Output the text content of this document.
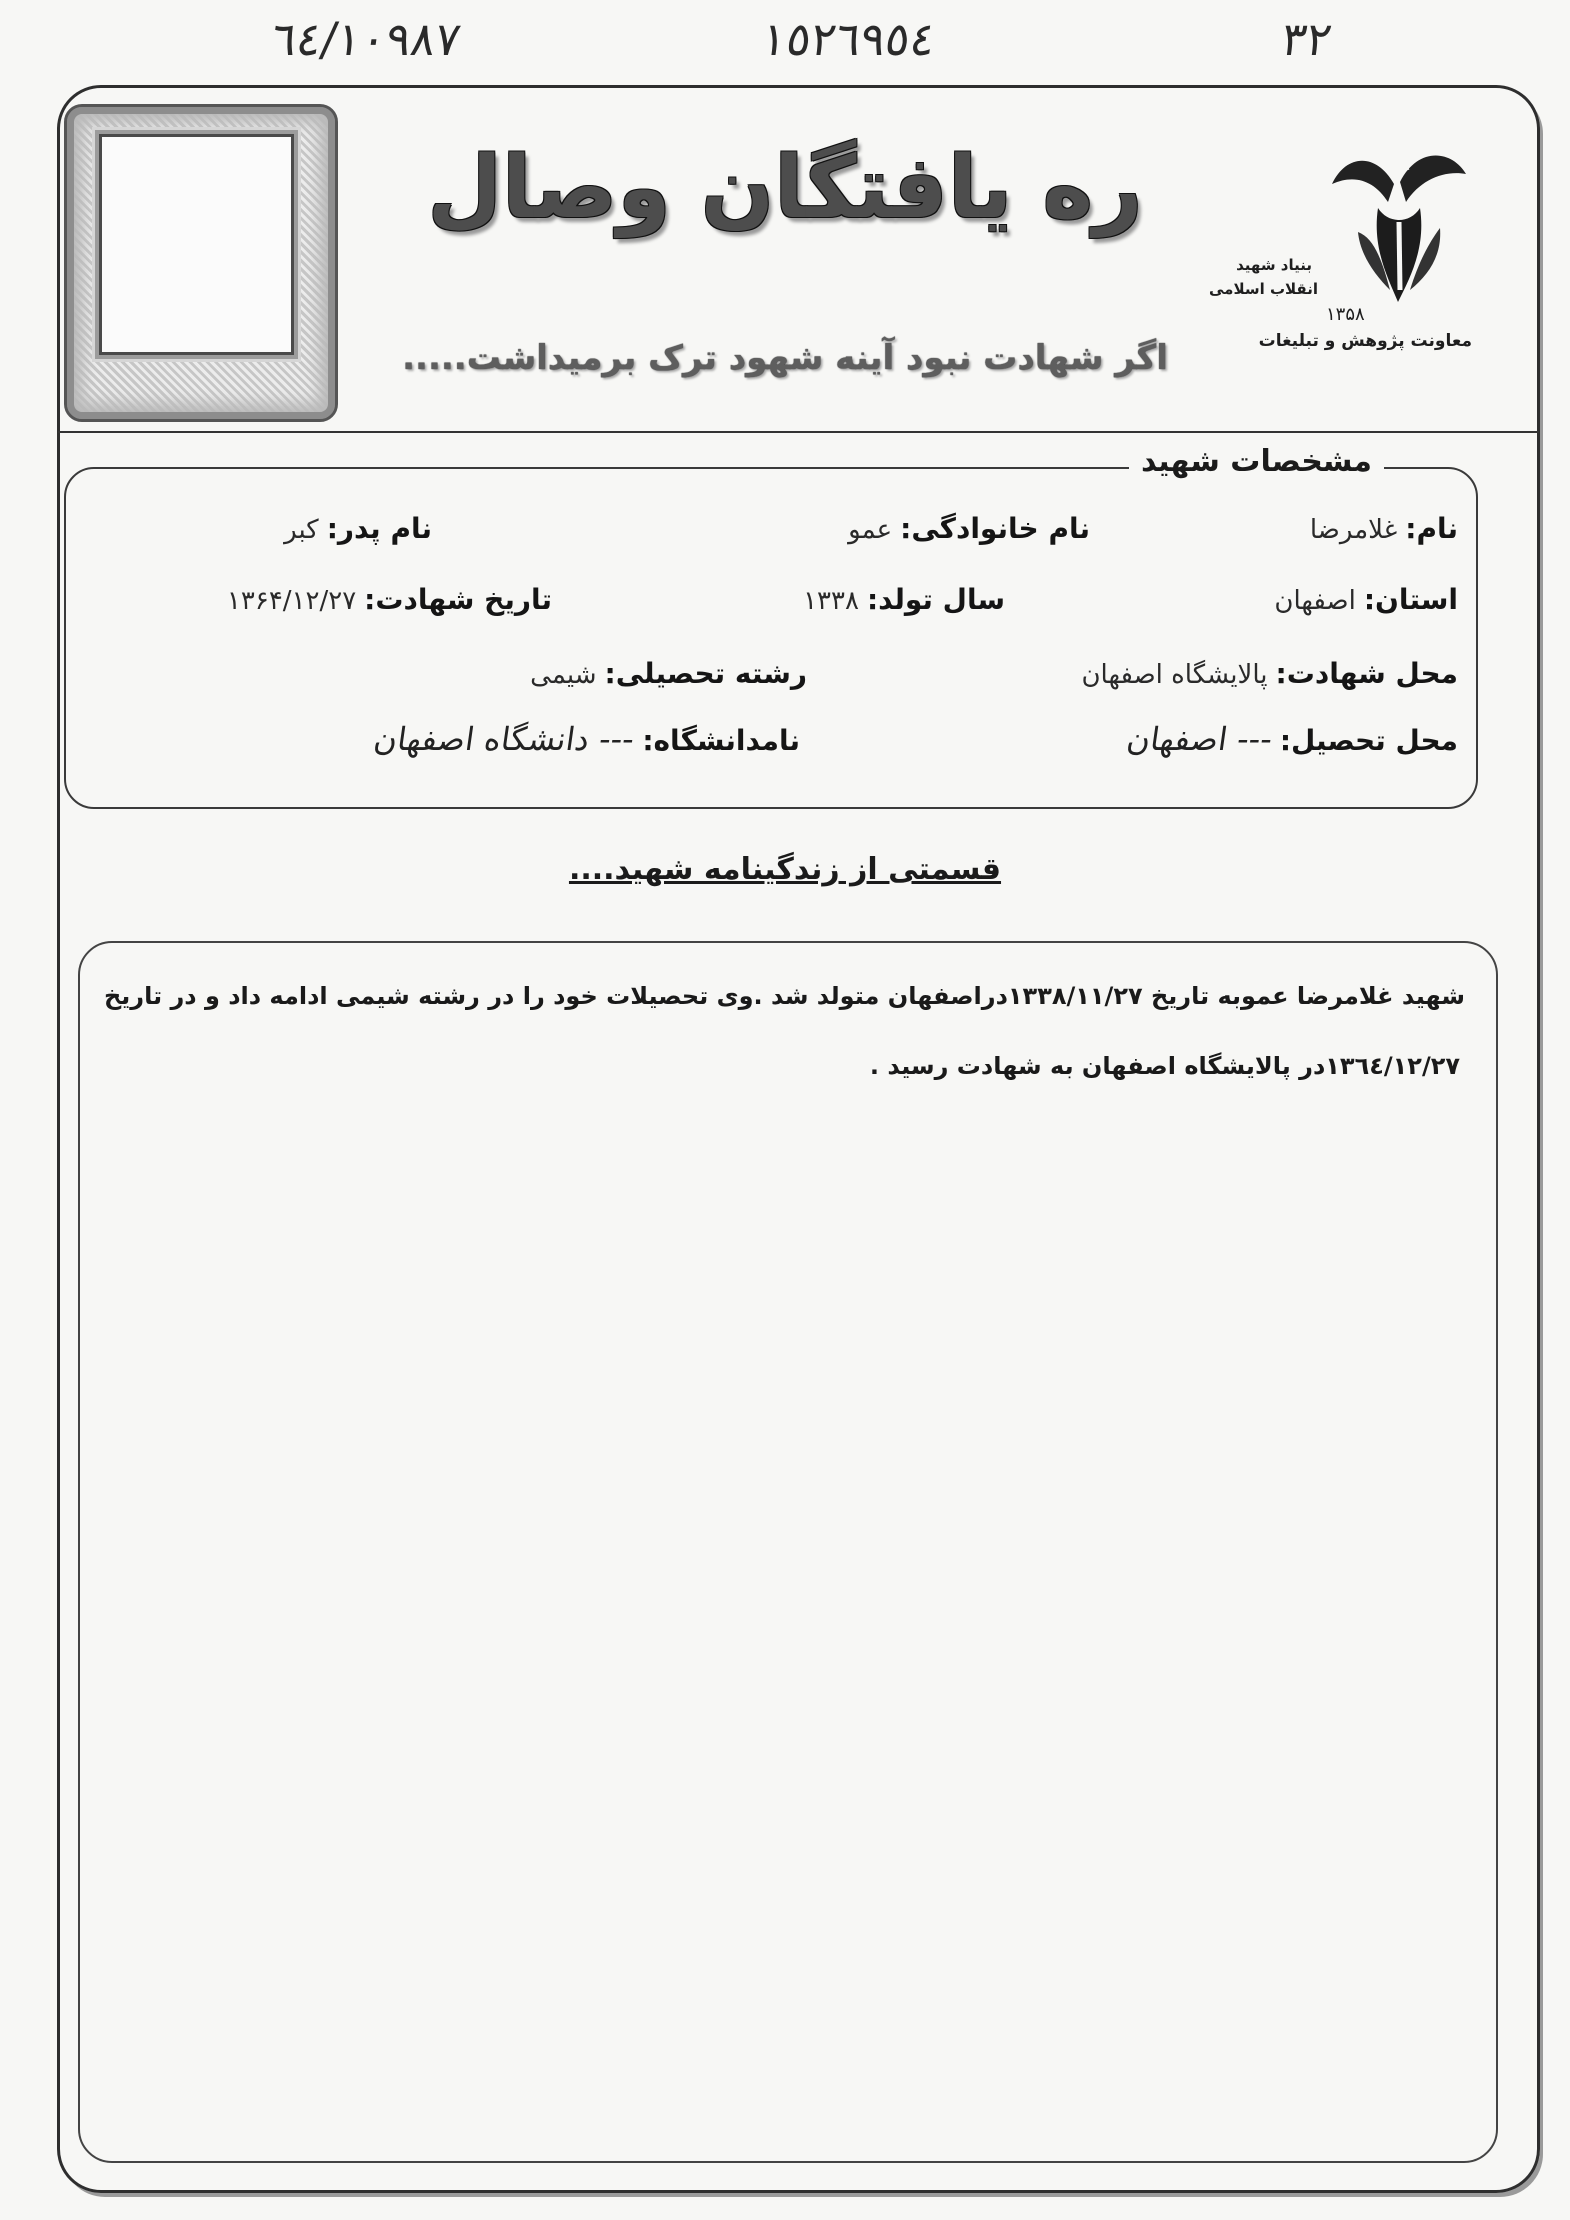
٦٤/١٠٩٨٧	١٥٢٦٩٥٤	٣٢
ره یافتگان وصال
اگر شهادت نبود آینه شهود ترک برمیداشت.....
بنیاد شهید
انقلاب اسلامی
۱۳۵۸
معاونت پژوهش و تبلیغات
مشخصات شهید
نام:
غلامرضا
نام خانوادگی:
عمو
نام پدر:
کبر
استان:
اصفهان
سال تولد:
۱۳۳۸
تاریخ شهادت:
۱۳۶۴/۱۲/۲۷
محل شهادت:
پالایشگاه اصفهان
رشته تحصیلی:
شیمی
محل تحصیل:
--- اصفهان
نامدانشگاه:
--- دانشگاه اصفهان
قسمتی از زندگینامه شهید....
شهید غلامرضا عموبه تاریخ ١٣٣٨/١١/٢٧دراصفهان متولد شد .وی تحصیلات خود را در رشته شیمی ادامه داد و در تاریخ
١٣٦٤/١٢/٢٧در پالایشگاه اصفهان به شهادت رسید .
